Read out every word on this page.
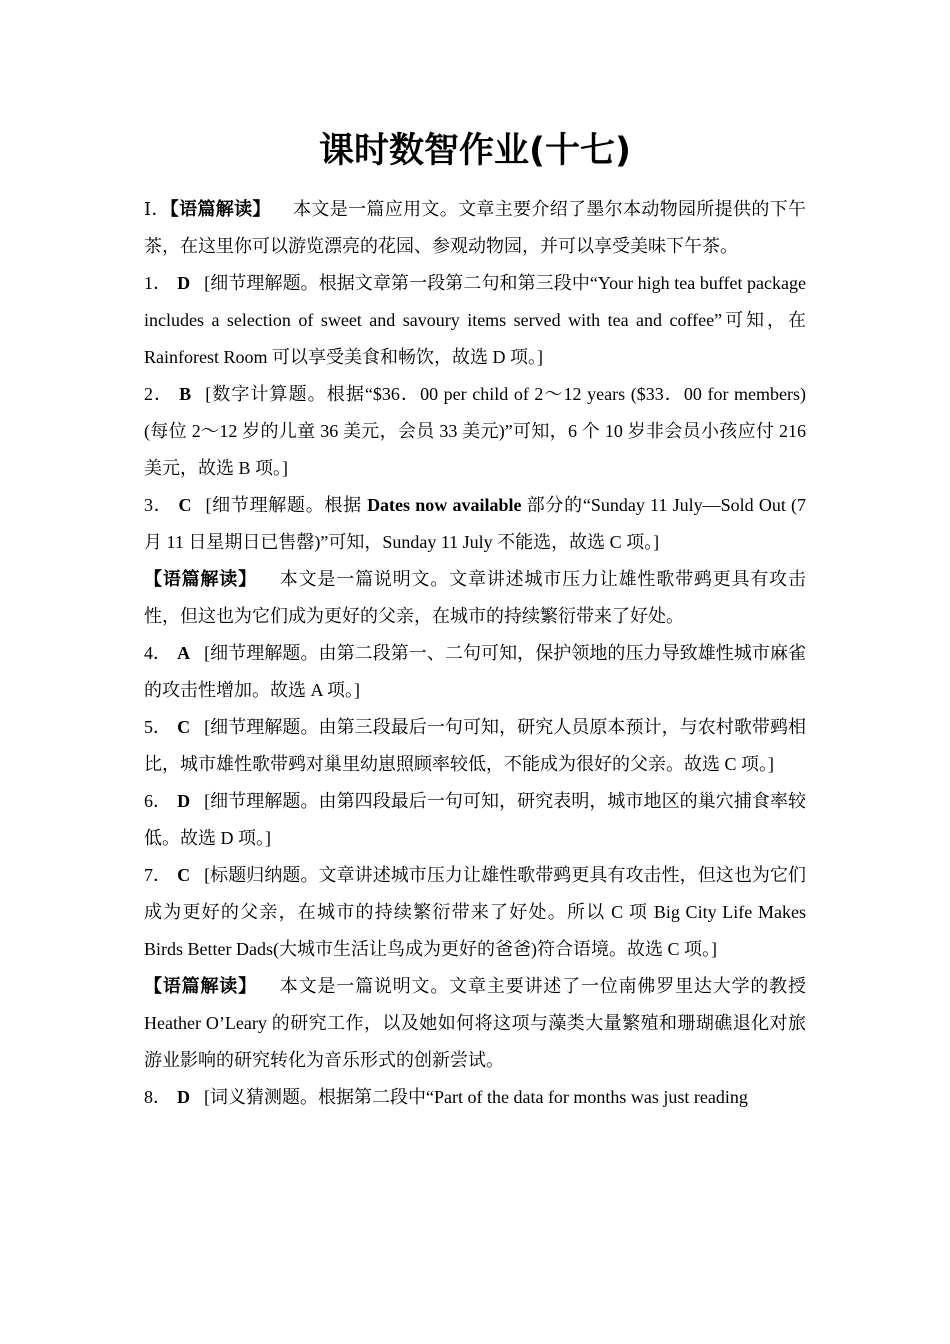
课时数智作业(十七)

Ⅰ．【语篇解读】 本文是一篇应用文。文章主要介绍了墨尔本动物园所提供的下午茶，在这里你可以游览漂亮的花园、参观动物园，并可以享受美味下午茶。

1． D [细节理解题。根据文章第一段第二句和第三段中“Your high tea buffet package includes a selection of sweet and savoury items served with tea and coffee”可知，在 Rainforest Room 可以享受美食和畅饮，故选 D 项。]

2． B [数字计算题。根据“$36．00 per child of 2～12 years ($33．00 for members) (每位 2～12 岁的儿童 36 美元，会员 33 美元)”可知，6 个 10 岁非会员小孩应付 216 美元，故选 B 项。]

3． C [细节理解题。根据 Dates now available 部分的“Sunday 11 July—Sold Out (7 月 11 日星期日已售罄)”可知，Sunday 11 July 不能选，故选 C 项。]

【语篇解读】 本文是一篇说明文。文章讲述城市压力让雄性歌带鹀更具有攻击性，但这也为它们成为更好的父亲，在城市的持续繁衍带来了好处。

4． A [细节理解题。由第二段第一、二句可知，保护领地的压力导致雄性城市麻雀的攻击性增加。故选 A 项。]

5． C [细节理解题。由第三段最后一句可知，研究人员原本预计，与农村歌带鹀相比，城市雄性歌带鹀对巢里幼崽照顾率较低，不能成为很好的父亲。故选 C 项。]

6． D [细节理解题。由第四段最后一句可知，研究表明，城市地区的巢穴捕食率较低。故选 D 项。]

7． C [标题归纳题。文章讲述城市压力让雄性歌带鹀更具有攻击性，但这也为它们成为更好的父亲，在城市的持续繁衍带来了好处。所以 C 项 Big City Life Makes Birds Better Dads(大城市生活让鸟成为更好的爸爸)符合语境。故选 C 项。]

【语篇解读】 本文是一篇说明文。文章主要讲述了一位南佛罗里达大学的教授 Heather O’Leary 的研究工作，以及她如何将这项与藻类大量繁殖和珊瑚礁退化对旅游业影响的研究转化为音乐形式的创新尝试。

8． D [词义猜测题。根据第二段中“Part of the data for months was just reading
